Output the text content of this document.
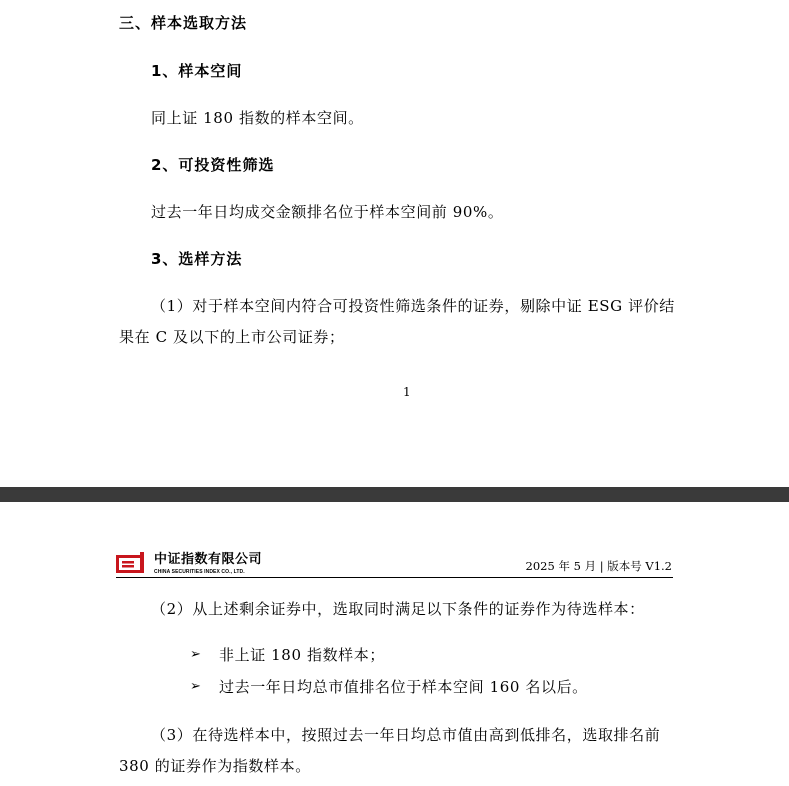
三、样本选取方法
1、样本空间
同上证 180 指数的样本空间。
2、可投资性筛选
过去一年日均成交金额排名位于样本空间前 90%。
3、选样方法
（1）对于样本空间内符合可投资性筛选条件的证券，剔除中证 ESG 评价结
果在 C 及以下的上市公司证券；
1
中证指数有限公司
CHINA SECURITIES INDEX CO., LTD.	2025 年 5 月 | 版本号 V1.2
（2）从上述剩余证券中，选取同时满足以下条件的证券作为待选样本：
➢ 非上证 180 指数样本；
➢ 过去一年日均总市值排名位于样本空间 160 名以后。
（3）在待选样本中，按照过去一年日均总市值由高到低排名，选取排名前
380 的证券作为指数样本。
